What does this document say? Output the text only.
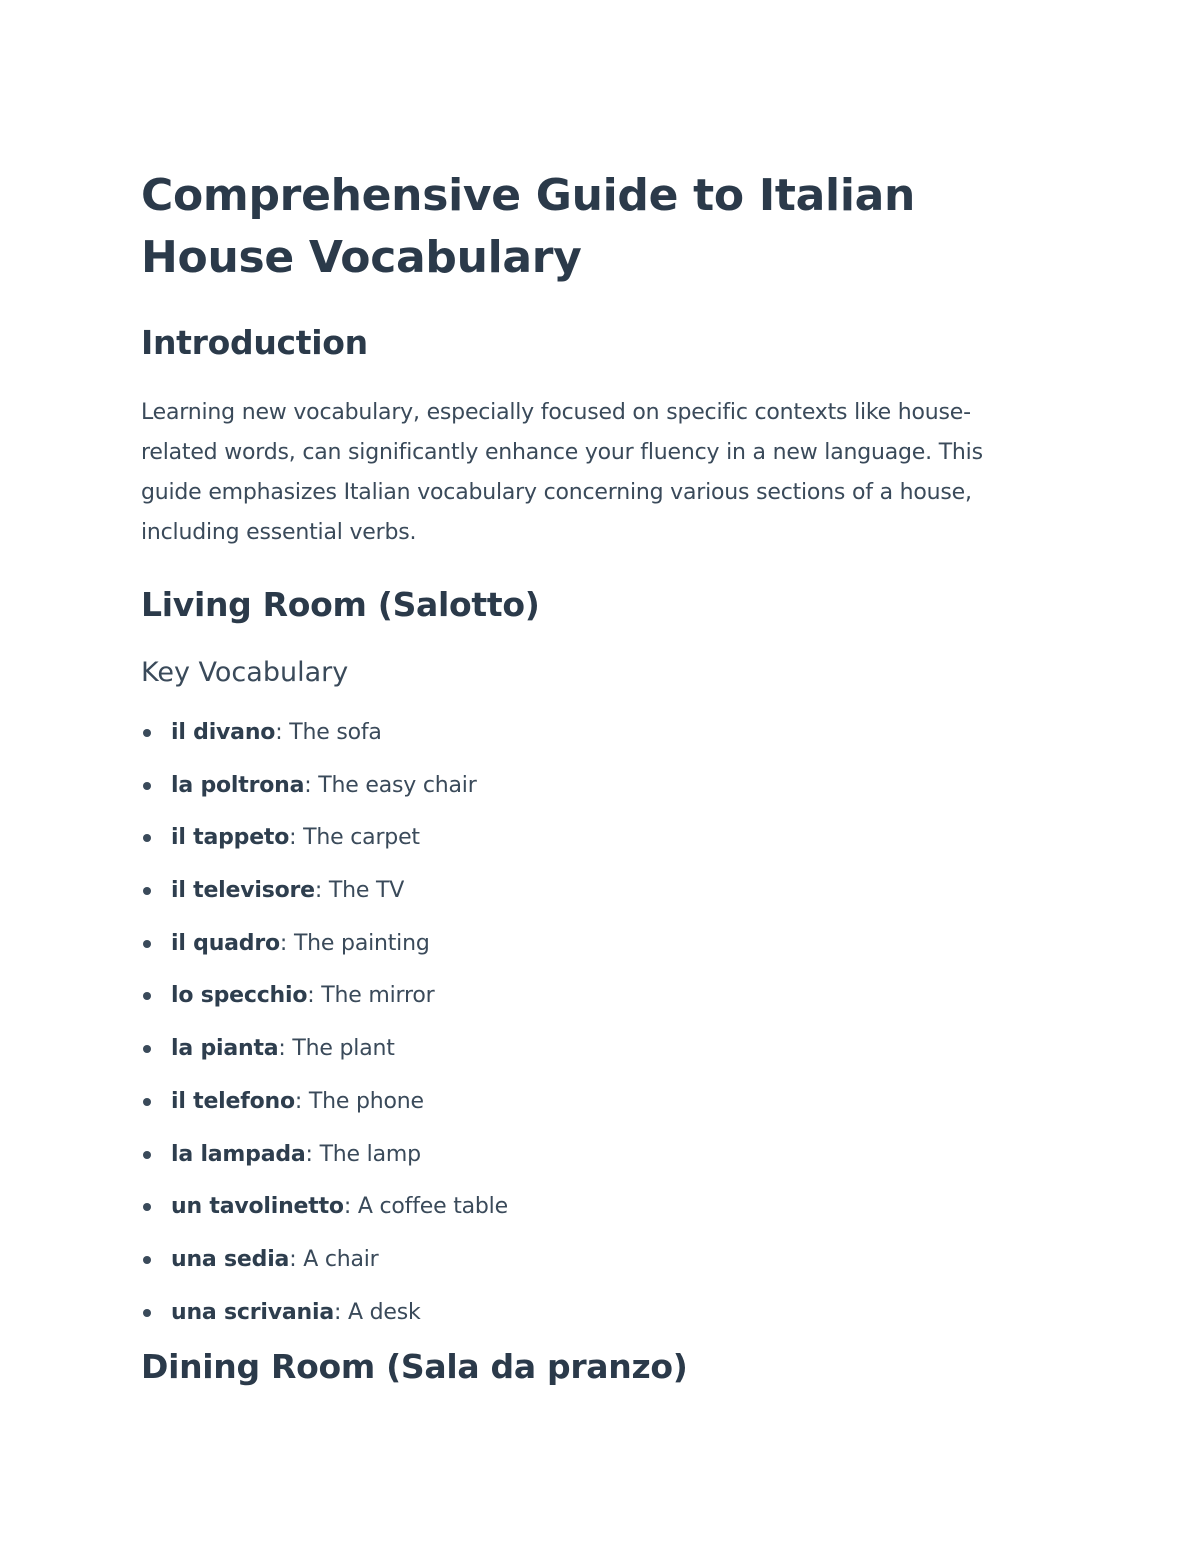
Comprehensive Guide to Italian House Vocabulary
Introduction

Learning new vocabulary, especially focused on specific contexts like house-related words, can significantly enhance your fluency in a new language. This guide emphasizes Italian vocabulary concerning various sections of a house, including essential verbs.

Living Room (Salotto)
Key Vocabulary
il divano: The sofa
la poltrona: The easy chair
il tappeto: The carpet
il televisore: The TV
il quadro: The painting
lo specchio: The mirror
la pianta: The plant
il telefono: The phone
la lampada: The lamp
un tavolinetto: A coffee table
una sedia: A chair
una scrivania: A desk
Dining Room (Sala da pranzo)
